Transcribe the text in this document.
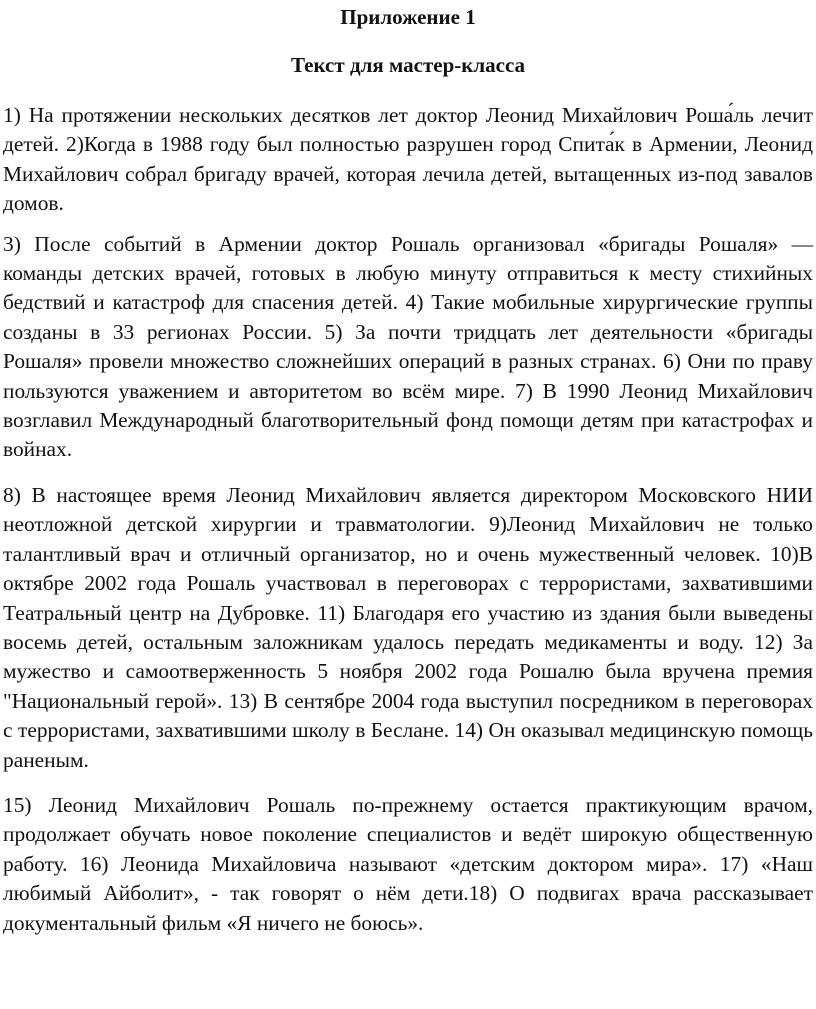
Приложение 1

Текст для мастер-класса

1) На протяжении нескольких десятков лет доктор Леонид Михайлович Роша́ль лечит детей. 2)Когда в 1988 году был полностью разрушен город Спита́к в Армении, Леонид Михайлович собрал бригаду врачей, которая лечила детей, вытащенных из-под завалов домов.

3) После событий в Армении доктор Рошаль организовал «бригады Рошаля» — команды детских врачей, готовых в любую минуту отправиться к месту стихийных бедствий и катастроф для спасения детей. 4) Такие мобильные хирургические группы созданы в 33 регионах России. 5) За почти тридцать лет деятельности «бригады Рошаля» провели множество сложнейших операций в разных странах. 6) Они по праву пользуются уважением и авторитетом во всём мире. 7) В 1990 Леонид Михайлович возглавил Международный благотворительный фонд помощи детям при катастрофах и войнах.

8) В настоящее время Леонид Михайлович является директором Московского НИИ неотложной детской хирургии и травматологии. 9)Леонид Михайлович не только талантливый врач и отличный организатор, но и очень мужественный человек. 10)В октябре 2002 года Рошаль участвовал в переговорах с террористами, захватившими Театральный центр на Дубровке. 11) Благодаря его участию из здания были выведены восемь детей, остальным заложникам удалось передать медикаменты и воду. 12) За мужество и самоотверженность 5 ноября 2002 года Рошалю была вручена премия "Национальный герой». 13) В сентябре 2004 года выступил посредником в переговорах с террористами, захватившими школу в Беслане. 14) Он оказывал медицинскую помощь раненым.

15) Леонид Михайлович Рошаль по-прежнему остается практикующим врачом, продолжает обучать новое поколение специалистов и ведёт широкую общественную работу. 16) Леонида Михайловича называют «детским доктором мира». 17) «Наш любимый Айболит», - так говорят о нём дети.18) О подвигах врача рассказывает документальный фильм «Я ничего не боюсь».
